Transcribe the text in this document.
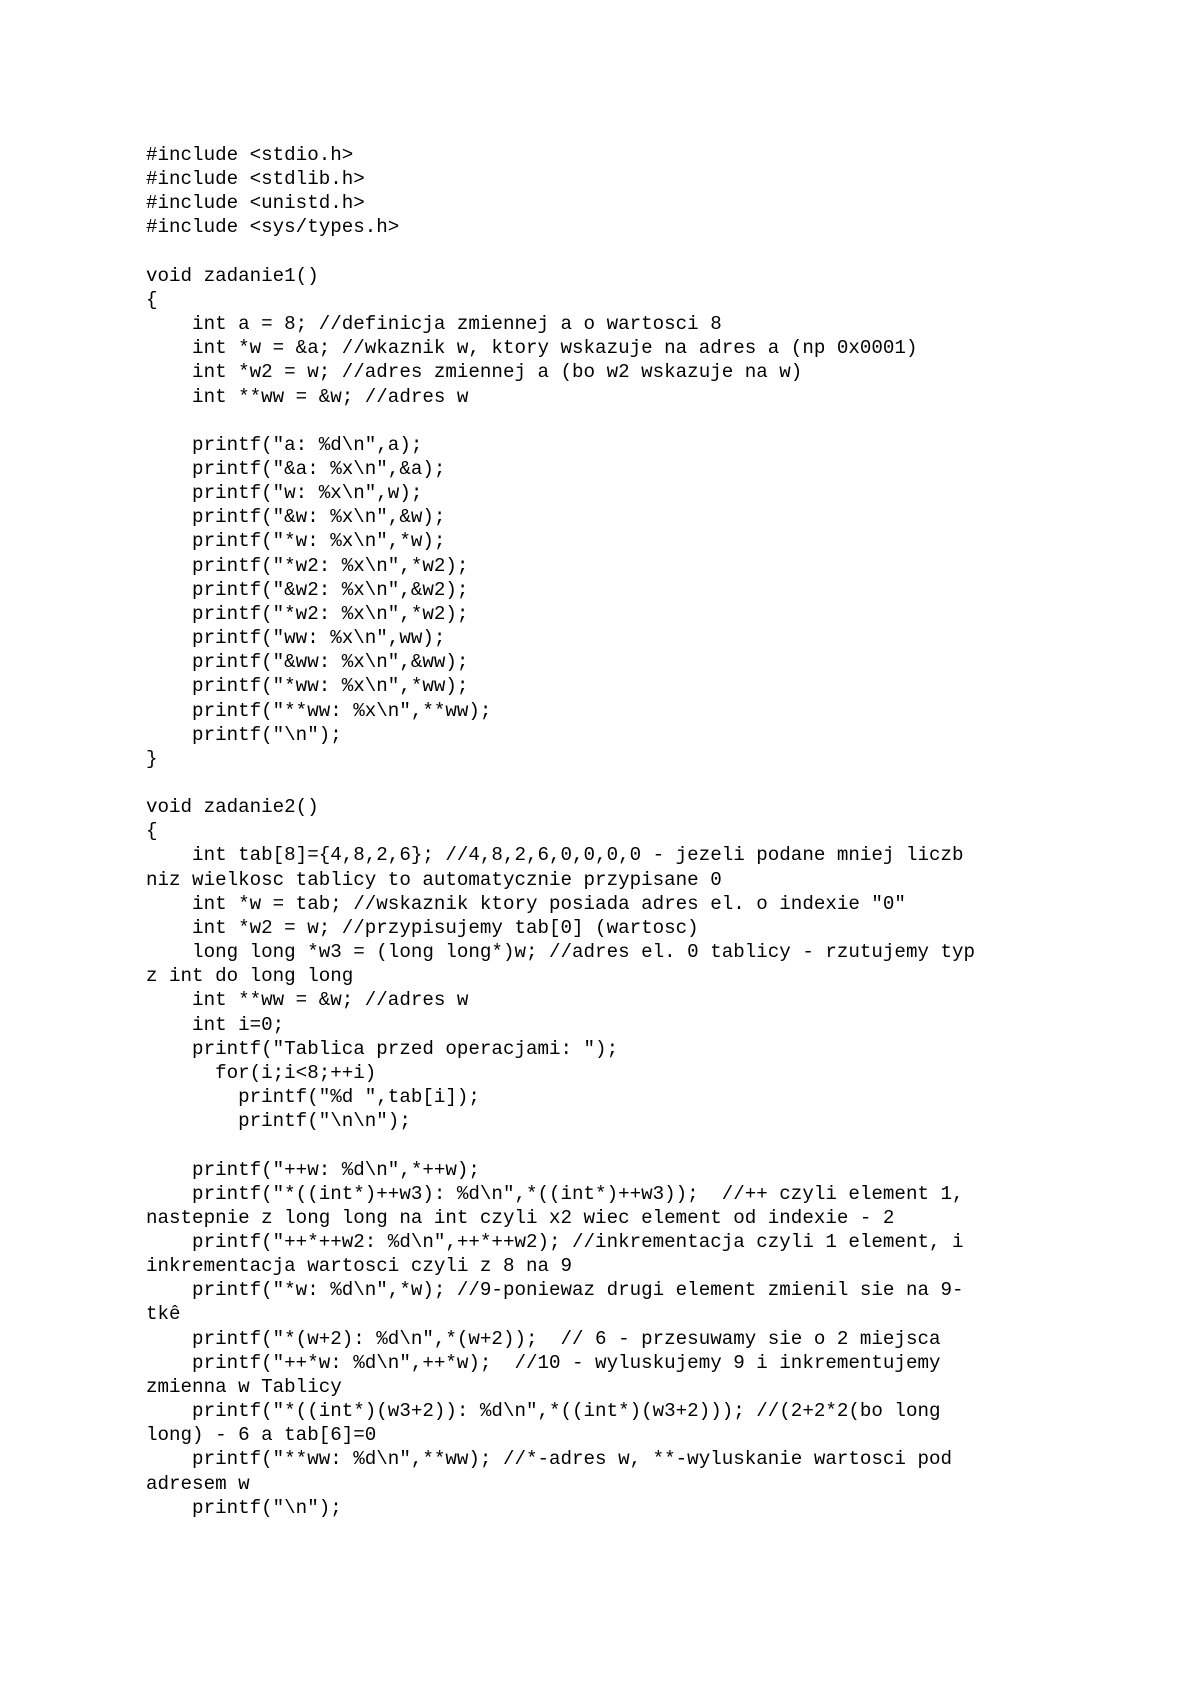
#include <stdio.h>
#include <stdlib.h>
#include <unistd.h>
#include <sys/types.h>
void zadanie1()
{
int a = 8; //definicja zmiennej a o wartosci 8
int *w = &a; //wkaznik w, ktory wskazuje na adres a (np 0x0001)
int *w2 = w; //adres zmiennej a (bo w2 wskazuje na w)
int **ww = &w; //adres w
printf("a: %d\n",a);
printf("&a: %x\n",&a);
printf("w: %x\n",w);
printf("&w: %x\n",&w);
printf("*w: %x\n",*w);
printf("*w2: %x\n",*w2);
printf("&w2: %x\n",&w2);
printf("*w2: %x\n",*w2);
printf("ww: %x\n",ww);
printf("&ww: %x\n",&ww);
printf("*ww: %x\n",*ww);
printf("**ww: %x\n",**ww);
printf("\n");
}
void zadanie2()
{
int tab[8]={4,8,2,6}; //4,8,2,6,0,0,0,0 - jezeli podane mniej liczb
niz wielkosc tablicy to automatycznie przypisane 0
int *w = tab; //wskaznik ktory posiada adres el. o indexie "0"
int *w2 = w; //przypisujemy tab[0] (wartosc)
long long *w3 = (long long*)w; //adres el. 0 tablicy - rzutujemy typ
z int do long long
int **ww = &w; //adres w
int i=0;
printf("Tablica przed operacjami: ");
for(i;i<8;++i)
printf("%d ",tab[i]);
printf("\n\n");
printf("++w: %d\n",*++w);
printf("*((int*)++w3): %d\n",*((int*)++w3));  //++ czyli element 1,
nastepnie z long long na int czyli x2 wiec element od indexie - 2
printf("++*++w2: %d\n",++*++w2); //inkrementacja czyli 1 element, i
inkrementacja wartosci czyli z 8 na 9
printf("*w: %d\n",*w); //9-poniewaz drugi element zmienil sie na 9-
tkê
printf("*(w+2): %d\n",*(w+2));  // 6 - przesuwamy sie o 2 miejsca
printf("++*w: %d\n",++*w);  //10 - wyluskujemy 9 i inkrementujemy
zmienna w Tablicy
printf("*((int*)(w3+2)): %d\n",*((int*)(w3+2))); //(2+2*2(bo long
long) - 6 a tab[6]=0
printf("**ww: %d\n",**ww); //*-adres w, **-wyluskanie wartosci pod
adresem w
printf("\n");
